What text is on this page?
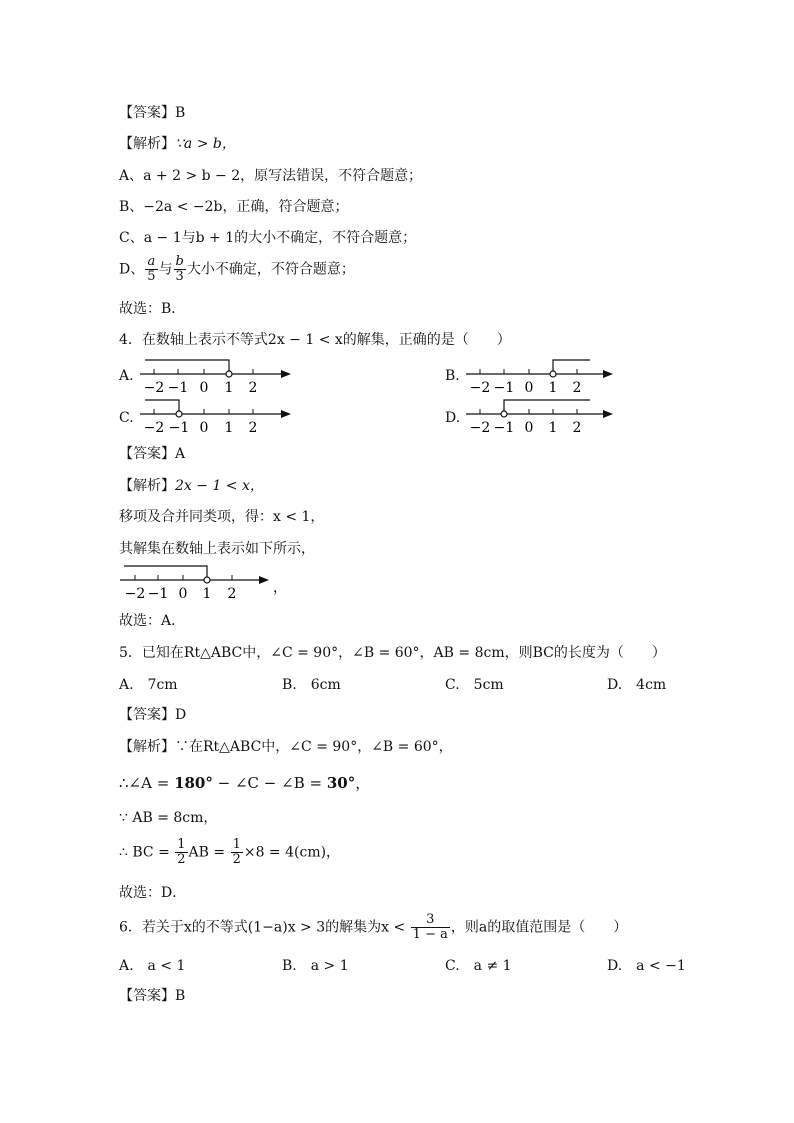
【答案】B
【解析】∵a > b，
A、a + 2 > b − 2，原写法错误，不符合题意；
B、−2a < −2b，正确，符合题意；
C、a − 1与b + 1的大小不确定，不符合题意；
D、 $\frac{a}{5}$ 与 $\frac{b}{3}$ 大小不确定，不符合题意；
故选：B．
4．在数轴上表示不等式2x − 1 < x的解集，正确的是（　　）
A.
−2 −1 0 1 2
B.
−2 −1 0 1 2
C.
−2 −1 0 1 2
D.
−2 −1 0 1 2
【答案】A
【解析】2x − 1 < x，
移项及合并同类项，得：x < 1，
其解集在数轴上表示如下所示，
−2 −1 0 1 2	，
故选：A．
5．已知在Rt△ABC中，∠C = 90°，∠B = 60°，AB = 8cm，则BC的长度为（　　）
A.　7cm	B.　6cm	C.　5cm	D.　4cm
【答案】D
【解析】∵在Rt△ABC中，∠C = 90°，∠B = 60°，
∴∠A = 180° − ∠C − ∠B = 30°，
∵ AB = 8cm，
∴ BC = $\frac{1}{2}$ AB = $\frac{1}{2} \times 8 = 4(cm)$，
故选：D．
6．若关于x的不等式(1−a)x > 3的解集为$x < \frac{3}{1 - a}$ ，则a的取值范围是（　　）
A.　a < 1	B.　a > 1	C.　a ≠ 1	D.　a < −1
【答案】B
